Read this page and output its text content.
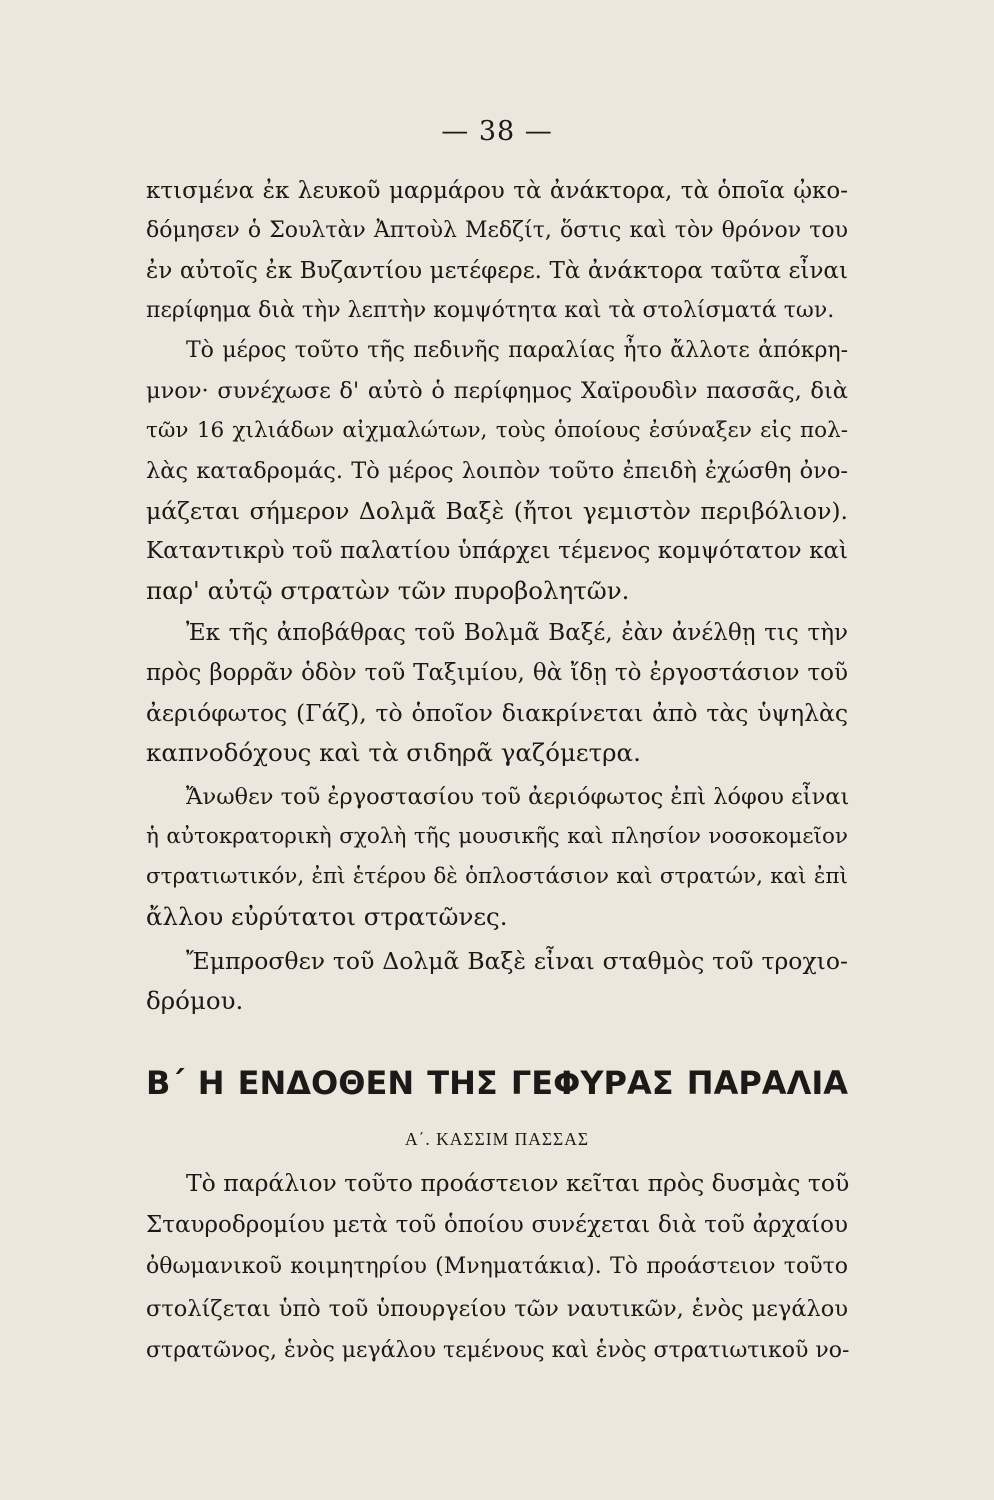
— 38 —
κτισμένα ἐκ λευκοῦ μαρμάρου τὰ ἀνάκτορα, τὰ ὁποῖα ᾠκο-
δόμησεν ὁ Σουλτὰν Ἀπτοὺλ Μεδζίτ, ὅστις καὶ τὸν θρόνον του
ἐν αὐτοῖς ἐκ Βυζαντίου μετέφερε. Τὰ ἀνάκτορα ταῦτα εἶναι
περίφημα διὰ τὴν λεπτὴν κομψότητα καὶ τὰ στολίσματά των.
Τὸ μέρος τοῦτο τῆς πεδινῆς παραλίας ἦτο ἄλλοτε ἀπόκρη-
μνον· συνέχωσε δ' αὐτὸ ὁ περίφημος Χαϊρουδὶν πασσᾶς, διὰ
τῶν 16 χιλιάδων αἰχμαλώτων, τοὺς ὁποίους ἐσύναξεν εἰς πολ-
λὰς καταδρομάς. Τὸ μέρος λοιπὸν τοῦτο ἐπειδὴ ἐχώσθη ὀνο-
μάζεται σήμερον Δολμᾶ Βαξὲ (ἤτοι γεμιστὸν περιβόλιον).
Καταντικρὺ τοῦ παλατίου ὑπάρχει τέμενος κομψότατον καὶ
παρ' αὐτῷ στρατὼν τῶν πυροβολητῶν.
Ἐκ τῆς ἀποβάθρας τοῦ Βολμᾶ Βαξέ, ἐὰν ἀνέλθῃ τις τὴν
πρὸς βορρᾶν ὁδὸν τοῦ Ταξιμίου, θὰ ἴδῃ τὸ ἐργοστάσιον τοῦ
ἀεριόφωτος (Γάζ), τὸ ὁποῖον διακρίνεται ἀπὸ τὰς ὑψηλὰς
καπνοδόχους καὶ τὰ σιδηρᾶ γαζόμετρα.
Ἄνωθεν τοῦ ἐργοστασίου τοῦ ἀεριόφωτος ἐπὶ λόφου εἶναι
ἡ αὐτοκρατορικὴ σχολὴ τῆς μουσικῆς καὶ πλησίον νοσοκομεῖον
στρατιωτικόν, ἐπὶ ἑτέρου δὲ ὁπλοστάσιον καὶ στρατών, καὶ ἐπὶ
ἄλλου εὐρύτατοι στρατῶνες.
Ἔμπροσθεν τοῦ Δολμᾶ Βαξὲ εἶναι σταθμὸς τοῦ τροχιο-
δρόμου.
Β΄ Η ΕΝΔΟΘΕΝ ΤΗΣ ΓΕΦΥΡΑΣ ΠΑΡΑΛΙΑ
Α΄. ΚΑΣΣΙΜ ΠΑΣΣΑΣ
Τὸ παράλιον τοῦτο προάστειον κεῖται πρὸς δυσμὰς τοῦ
Σταυροδρομίου μετὰ τοῦ ὁποίου συνέχεται διὰ τοῦ ἀρχαίου
ὀθωμανικοῦ κοιμητηρίου (Μνηματάκια). Τὸ προάστειον τοῦτο
στολίζεται ὑπὸ τοῦ ὑπουργείου τῶν ναυτικῶν, ἑνὸς μεγάλου
στρατῶνος, ἑνὸς μεγάλου τεμένους καὶ ἑνὸς στρατιωτικοῦ νο-
